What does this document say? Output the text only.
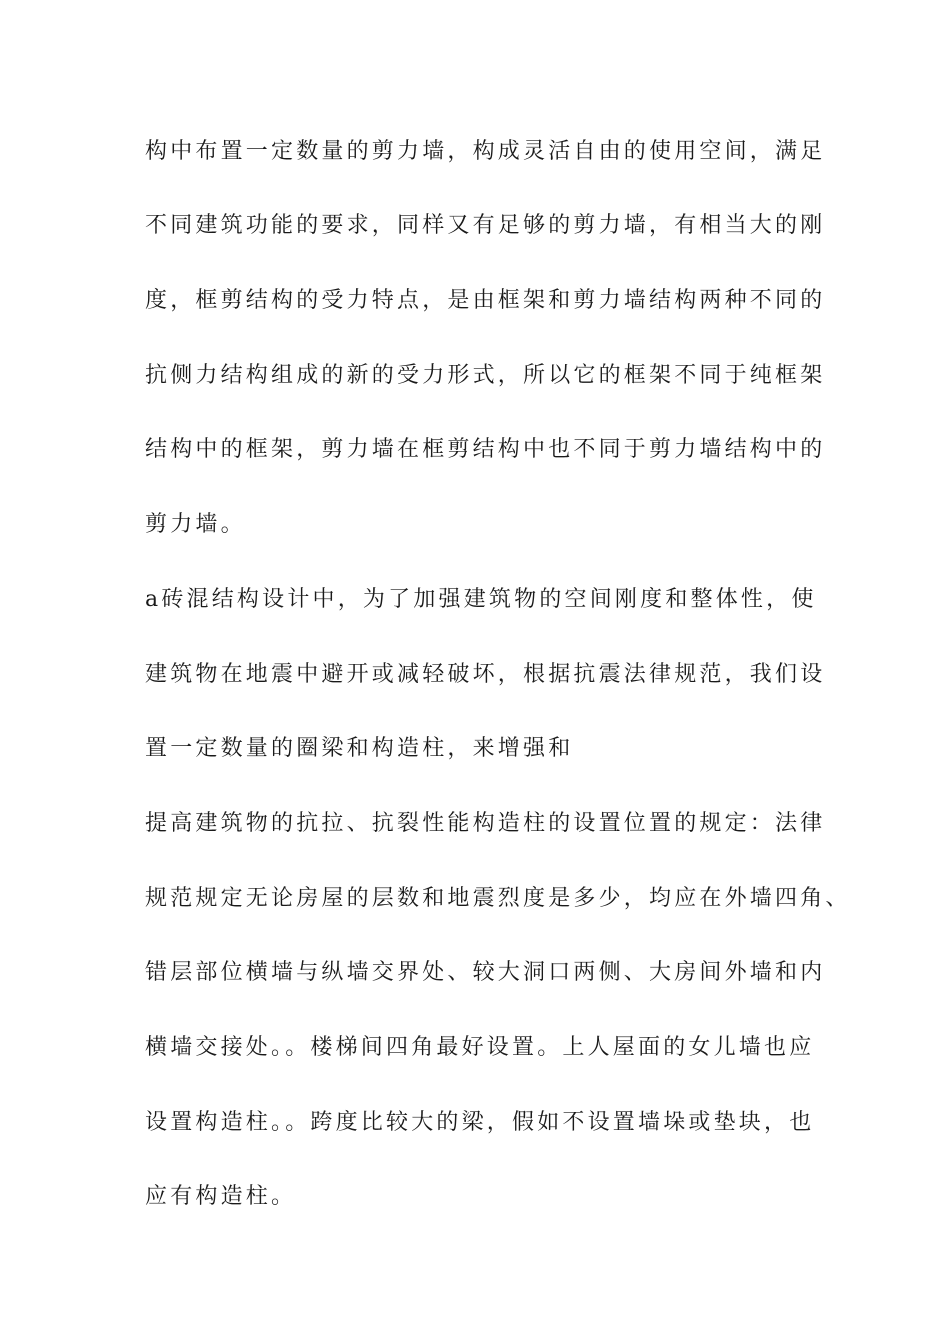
构中布置一定数量的剪力墙，构成灵活自由的使用空间，满足
不同建筑功能的要求，同样又有足够的剪力墙，有相当大的刚
度，框剪结构的受力特点，是由框架和剪力墙结构两种不同的
抗侧力结构组成的新的受力形式，所以它的框架不同于纯框架
结构中的框架，剪力墙在框剪结构中也不同于剪力墙结构中的
剪力墙。
a砖混结构设计中，为了加强建筑物的空间刚度和整体性，使
建筑物在地震中避开或减轻破坏，根据抗震法律规范，我们设
置一定数量的圈梁和构造柱，来增强和
提高建筑物的抗拉、抗裂性能构造柱的设置位置的规定：法律
规范规定无论房屋的层数和地震烈度是多少，均应在外墙四角、
错层部位横墙与纵墙交界处、较大洞口两侧、大房间外墙和内
横墙交接处。。楼梯间四角最好设置。上人屋面的女儿墙也应
设置构造柱。。跨度比较大的梁，假如不设置墙垛或垫块，也
应有构造柱。
